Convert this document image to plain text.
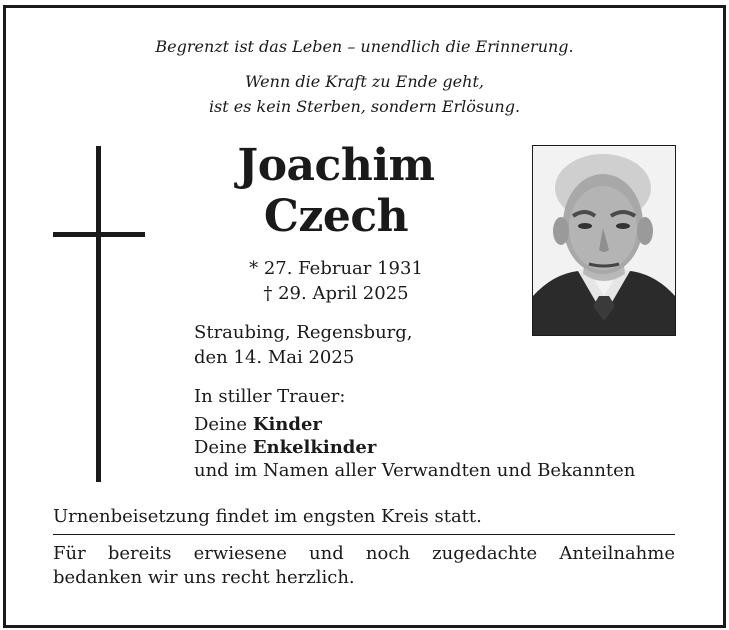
Begrenzt ist das Leben – unendlich die Erinnerung.
Wenn die Kraft zu Ende geht,
ist es kein Sterben, sondern Erlösung.
Joachim
Czech
* 27. Februar 1931
† 29. April 2025
Straubing, Regensburg,
den 14. Mai 2025
In stiller Trauer:
Deine Kinder
Deine Enkelkinder
und im Namen aller Verwandten und Bekannten
Urnenbeisetzung findet im engsten Kreis statt.
Für bereits erwiesene und noch zugedachte Anteilnahme
bedanken wir uns recht herzlich.
